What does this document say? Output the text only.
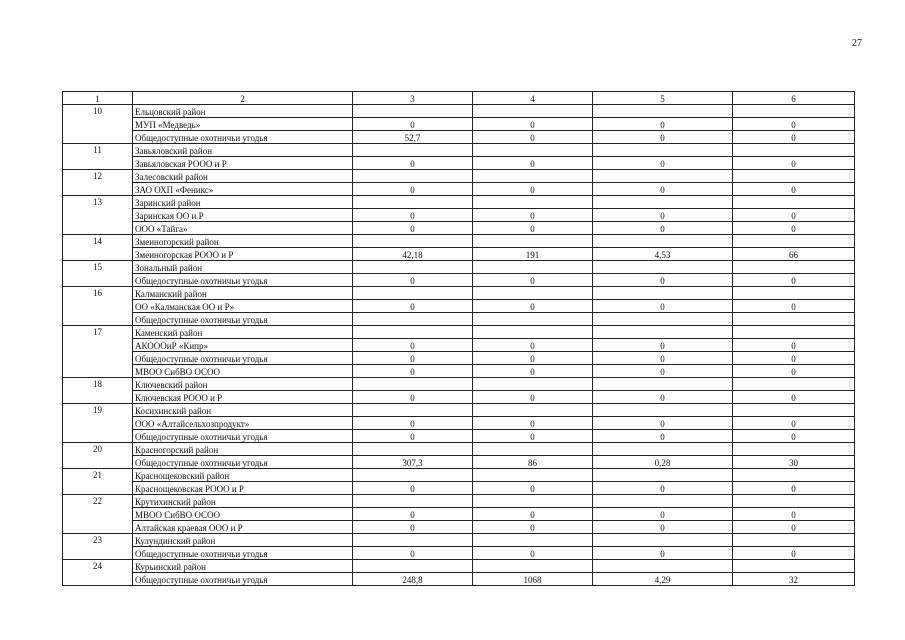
27
1	2	3	4	5	6
10	Ельцовский район				
	МУП «Медведь»	0	0	0	0
	Общедоступные охотничьи угодья	52,7	0	0	0
11	Завьяловский район				
	Завьяловская РООО и Р	0	0	0	0
12	Залесовский район				
	ЗАО ОХП «Феникс»	0	0	0	0
13	Заринский район				
	Заринская ОО и Р	0	0	0	0
	ООО «Тайга»	0	0	0	0
14	Змеиногорский район				
	Змеиногорская РООО и Р	42,18	191	4,53	66
15	Зональный район				
	Общедоступные охотничьи угодья	0	0	0	0
16	Калманский район				
	ОО «Калманская ОО и Р»	0	0	0	0
	Общедоступные охотничьи угодья				
17	Каменский район				
	АКОООиР «Кипр»	0	0	0	0
	Общедоступные охотничьи угодья	0	0	0	0
	МВОО СибВО ОСОО	0	0	0	0
18	Ключевский район				
	Ключевская РООО и Р	0	0	0	0
19	Косихинский район				
	ООО «Алтайсельхозпродукт»	0	0	0	0
	Общедоступные охотничьи угодья	0	0	0	0
20	Красногорский район				
	Общедоступные охотничьи угодья	307,3	86	0,28	30
21	Краснощековский район				
	Краснощековская РООО и Р	0	0	0	0
22	Крутихинский район				
	МВОО СибВО ОСОО	0	0	0	0
	Алтайская краевая ООО и Р	0	0	0	0
23	Кулундинский район				
	Общедоступные охотничьи угодья	0	0	0	0
24	Курьинский район				
	Общедоступные охотничьи угодья	248,8	1068	4,29	32
